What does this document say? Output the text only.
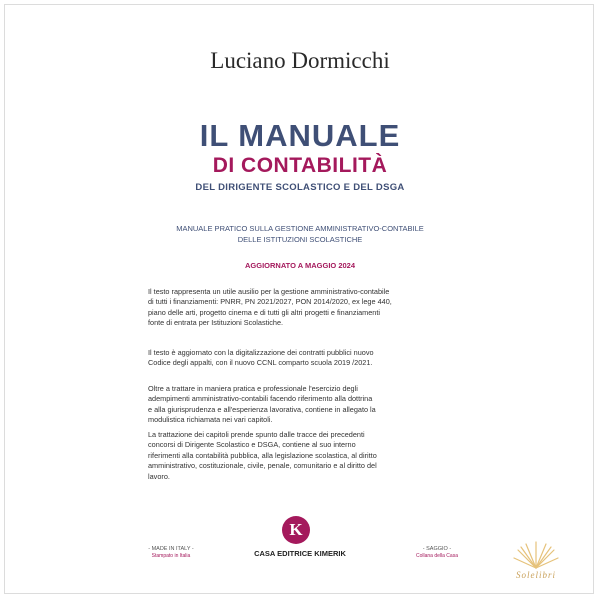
Luciano Dormicchi
IL MANUALE
DI CONTABILITÀ
DEL DIRIGENTE SCOLASTICO E DEL DSGA
MANUALE PRATICO SULLA GESTIONE AMMINISTRATIVO-CONTABILE
DELLE ISTITUZIONI SCOLASTICHE
AGGIORNATO A MAGGIO 2024
Il testo rappresenta un utile ausilio per la gestione amministrativo-contabile
di tutti i finanziamenti: PNRR, PN 2021/2027, PON 2014/2020, ex lege 440,
piano delle arti, progetto cinema e di tutti gli altri progetti e finanziamenti
fonte di entrata per Istituzioni Scolastiche.
Il testo è aggiornato con la digitalizzazione dei contratti pubblici nuovo
Codice degli appalti, con il nuovo CCNL comparto scuola 2019 /2021.
Oltre a trattare in maniera pratica e professionale l'esercizio degli
adempimenti amministrativo-contabili facendo riferimento alla dottrina
e alla giurisprudenza e all'esperienza lavorativa, contiene in allegato la
modulistica richiamata nei vari capitoli.
La trattazione dei capitoli prende spunto dalle tracce dei precedenti
concorsi di Dirigente Scolastico e DSGA, contiene al suo interno
riferimenti alla contabilità pubblica, alla legislazione scolastica, al diritto
amministrativo, costituzionale, civile, penale, comunitario e al diritto del
lavoro.
- MADE IN ITALY -
Stampato in Italia
K
CASA EDITRICE KIMERIK	- SAGGIO -
Collana della Casa
Solelibri
